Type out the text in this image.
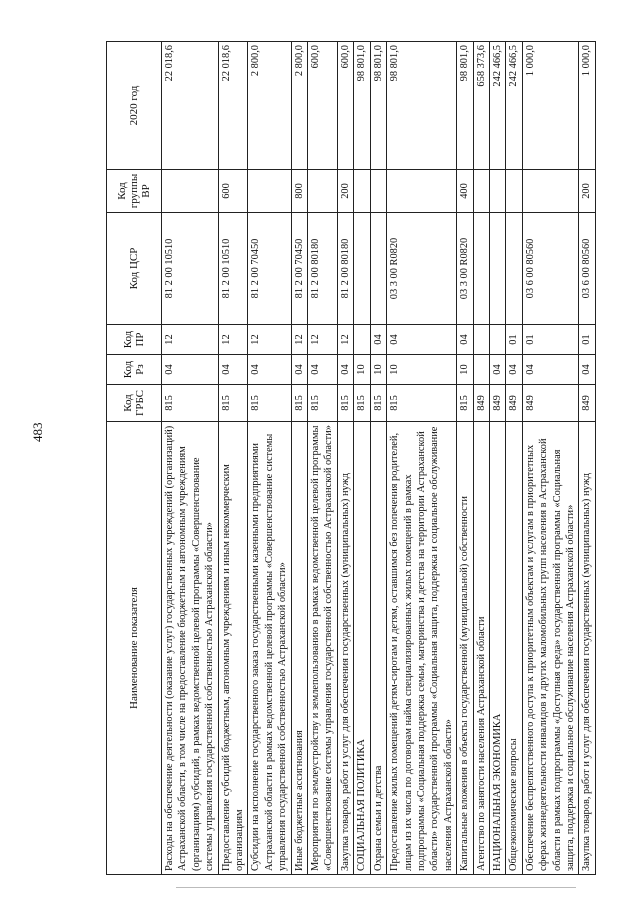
483
Наименование показателя	Код ГРБС	Код Рз	Код ПР	Код ЦСР	Код группы ВР	2020 год
Расходы на обеспечение деятельности (оказание услуг) государственных учреждений (организаций) Астраханской области, в том числе на предоставление бюджетным и автономным учреждениям (организациям) субсидий, в рамках ведомственной целевой программы «Совершенствование системы управления государственной собственностью Астраханской области»	815	04	12	81 2 00 10510		22 018,6
Предоставление субсидий бюджетным, автономным учреждениям и иным некоммерческим организациям	815	04	12	81 2 00 10510	600	22 018,6
Субсидии на исполнение государственного заказа государственными казенными предприятиями Астраханской области в рамках ведомственной целевой программы «Совершенствование системы управления государственной собственностью Астраханской области»	815	04	12	81 2 00 70450		2 800,0
Иные бюджетные ассигнования	815	04	12	81 2 00 70450	800	2 800,0
Мероприятия по землеустройству и землепользованию в рамках ведомственной целевой программы «Совершенствование системы управления государственной собственностью Астраханской области»	815	04	12	81 2 00 80180		600,0
Закупка товаров, работ и услуг для обеспечения государственных (муниципальных) нужд	815	04	12	81 2 00 80180	200	600,0
СОЦИАЛЬНАЯ ПОЛИТИКА	815	10				98 801,0
Охрана семьи и детства	815	10	04			98 801,0
Предоставление жилых помещений детям-сиротам и детям, оставшимся без попечения родителей, лицам из их числа по договорам найма специализированных жилых помещений в рамках подпрограммы «Социальная поддержка семьи, материнства и детства на территории Астраханской области» государственной программы «Социальная защита, поддержка и социальное обслуживание населения Астраханской области»	815	10	04	03 3 00 R0820		98 801,0
Капитальные вложения в объекты государственной (муниципальной) собственности	815	10	04	03 3 00 R0820	400	98 801,0
Агентство по занятости населения Астраханской области	849					658 373,6
НАЦИОНАЛЬНАЯ ЭКОНОМИКА	849	04				242 466,5
Общеэкономические вопросы	849	04	01			242 466,5
Обеспечение беспрепятственного доступа к приоритетным объектам и услугам в приоритетных сферах жизнедеятельности инвалидов и других маломобильных групп населения в Астраханской области в рамках подпрограммы «Доступная среда» государственной программы «Социальная защита, поддержка и социальное обслуживание населения Астраханской области»	849	04	01	03 6 00 80560		1 000,0
Закупка товаров, работ и услуг для обеспечения государственных (муниципальных) нужд	849	04	01	03 6 00 80560	200	1 000,0
